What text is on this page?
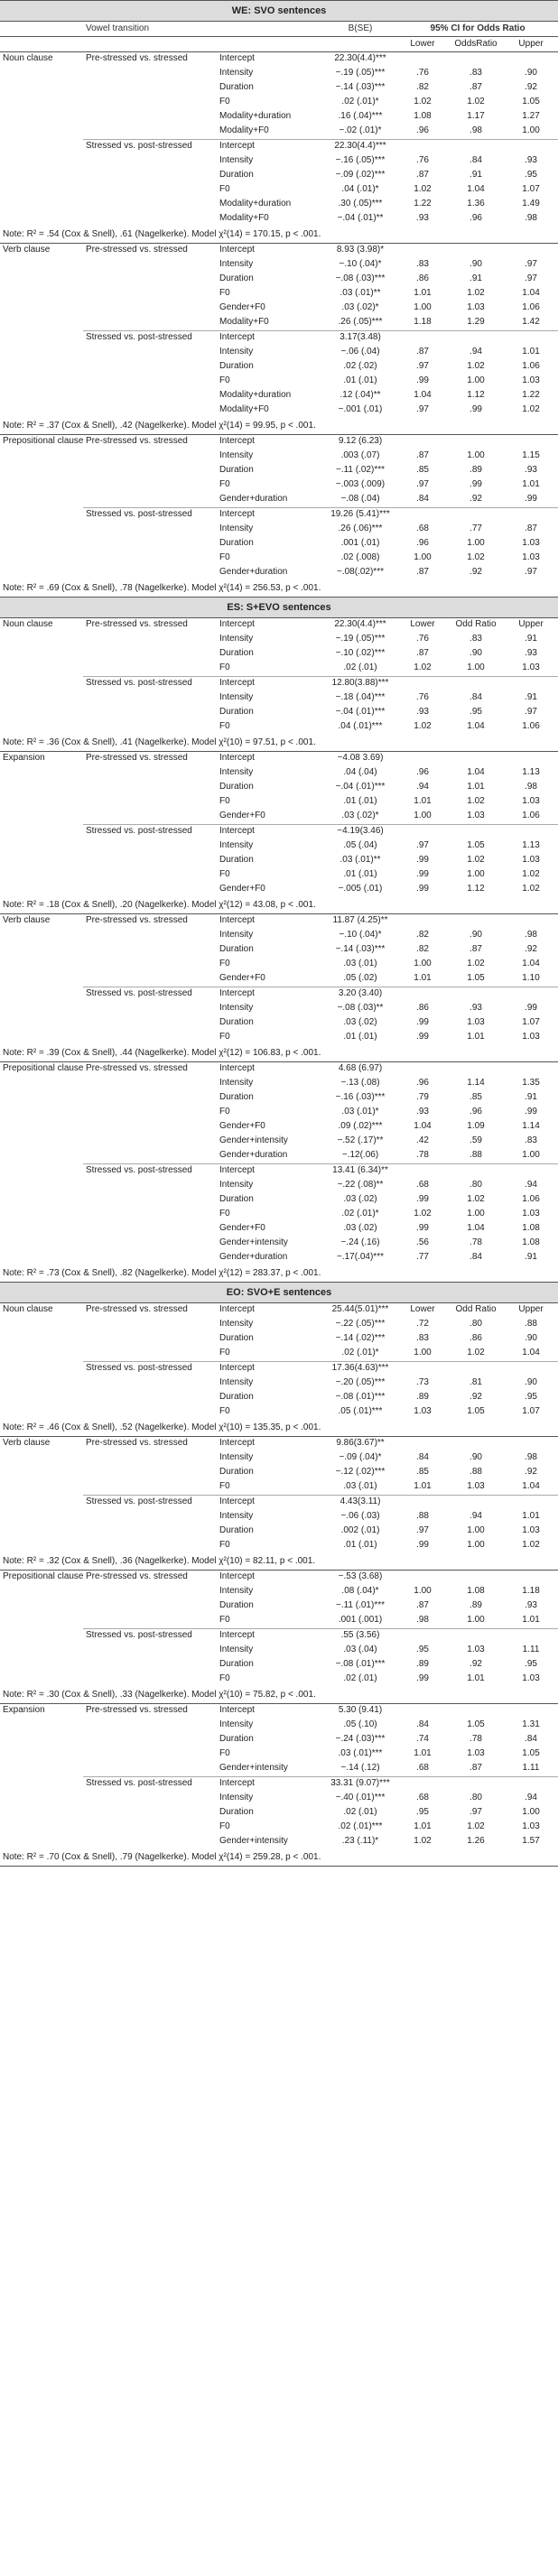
WE: SVO sentences						
	Vowel transition		B(SE)	95% CI for Odds Ratio		
				Lower	OddsRatio	Upper
Noun clause	Pre-stressed vs. stressed	Intercept	22.30(4.4)***			
		Intensity	−.19 (.05)***	.76	.83	.90
		Duration	−.14 (.03)***	.82	.87	.92
		F0	.02 (.01)*	1.02	1.02	1.05
		Modality+duration	.16 (.04)***	1.08	1.17	1.27
		Modality+F0	−.02 (.01)*	.96	.98	1.00
	Stressed vs. post-stressed	Intercept	22.30(4.4)***			
		Intensity	−.16 (.05)***	.76	.84	.93
		Duration	−.09 (.02)***	.87	.91	.95
		F0	.04 (.01)*	1.02	1.04	1.07
		Modality+duration	.30 (.05)***	1.22	1.36	1.49
		Modality+F0	−.04 (.01)**	.93	.96	.98
Note: R² = .54 (Cox & Snell), .61 (Nagelkerke). Model χ²(14) = 170.15, p < .001.						
Verb clause	Pre-stressed vs. stressed	Intercept	8.93 (3.98)*			
		Intensity	−.10 (.04)*	.83	.90	.97
		Duration	−.08 (.03)***	.86	.91	.97
		F0	.03 (.01)**	1.01	1.02	1.04
		Gender+F0	.03 (.02)*	1.00	1.03	1.06
		Modality+F0	.26 (.05)***	1.18	1.29	1.42
	Stressed vs. post-stressed	Intercept	3.17(3.48)			
		Intensity	−.06 (.04)	.87	.94	1.01
		Duration	.02 (.02)	.97	1.02	1.06
		F0	.01 (.01)	.99	1.00	1.03
		Modality+duration	.12 (.04)**	1.04	1.12	1.22
		Modality+F0	−.001 (.01)	.97	.99	1.02
Note: R² = .37 (Cox & Snell), .42 (Nagelkerke). Model χ²(14) = 99.95, p < .001.						
Prepositional clause	Pre-stressed vs. stressed	Intercept	9.12 (6.23)			
		Intensity	.003 (.07)	.87	1.00	1.15
		Duration	−.11 (.02)***	.85	.89	.93
		F0	−.003 (.009)	.97	.99	1.01
		Gender+duration	−.08 (.04)	.84	.92	.99
	Stressed vs. post-stressed	Intercept	19.26 (5.41)***			
		Intensity	.26 (.06)***	.68	.77	.87
		Duration	.001 (.01)	.96	1.00	1.03
		F0	.02 (.008)	1.00	1.02	1.03
		Gender+duration	−.08(.02)***	.87	.92	.97
Note: R² = .69 (Cox & Snell), .78 (Nagelkerke). Model χ²(14) = 256.53, p < .001.						
ES: S+EVO sentences						
Noun clause	Pre-stressed vs. stressed	Intercept	22.30(4.4)***	Lower	Odd Ratio	Upper
		Intensity	−.19 (.05)***	.76	.83	.91
		Duration	−.10 (.02)***	.87	.90	.93
		F0	.02 (.01)	1.02	1.00	1.03
	Stressed vs. post-stressed	Intercept	12.80(3.88)***			
		Intensity	−.18 (.04)***	.76	.84	.91
		Duration	−.04 (.01)***	.93	.95	.97
		F0	.04 (.01)***	1.02	1.04	1.06
Note: R² = .36 (Cox & Snell), .41 (Nagelkerke). Model χ²(10) = 97.51, p < .001.						
Expansion	Pre-stressed vs. stressed	Intercept	−4.08 3.69)			
		Intensity	.04 (.04)	.96	1.04	1.13
		Duration	−.04 (.01)***	.94	1.01	.98
		F0	.01 (.01)	1.01	1.02	1.03
		Gender+F0	.03 (.02)*	1.00	1.03	1.06
	Stressed vs. post-stressed	Intercept	−4.19(3.46)			
		Intensity	.05 (.04)	.97	1.05	1.13
		Duration	.03 (.01)**	.99	1.02	1.03
		F0	.01 (.01)	.99	1.00	1.02
		Gender+F0	−.005 (.01)	.99	1.12	1.02
Note: R² = .18 (Cox & Snell), .20 (Nagelkerke). Model χ²(12) = 43.08, p < .001.						
Verb clause	Pre-stressed vs. stressed	Intercept	11.87 (4.25)**			
		Intensity	−.10 (.04)*	.82	.90	.98
		Duration	−.14 (.03)***	.82	.87	.92
		F0	.03 (.01)	1.00	1.02	1.04
		Gender+F0	.05 (.02)	1.01	1.05	1.10
	Stressed vs. post-stressed	Intercept	3.20 (3.40)			
		Intensity	−.08 (.03)**	.86	.93	.99
		Duration	.03 (.02)	.99	1.03	1.07
		F0	.01 (.01)	.99	1.01	1.03
Note: R² = .39 (Cox & Snell), .44 (Nagelkerke). Model χ²(12) = 106.83, p < .001.						
Prepositional clause	Pre-stressed vs. stressed	Intercept	4.68 (6.97)			
		Intensity	−.13 (.08)	.96	1.14	1.35
		Duration	−.16 (.03)***	.79	.85	.91
		F0	.03 (.01)*	.93	.96	.99
		Gender+F0	.09 (.02)***	1.04	1.09	1.14
		Gender+intensity	−.52 (.17)**	.42	.59	.83
		Gender+duration	−.12(.06)	.78	.88	1.00
	Stressed vs. post-stressed	Intercept	13.41 (6.34)**			
		Intensity	−.22 (.08)**	.68	.80	.94
		Duration	.03 (.02)	.99	1.02	1.06
		F0	.02 (.01)*	1.02	1.00	1.03
		Gender+F0	.03 (.02)	.99	1.04	1.08
		Gender+intensity	−.24 (.16)	.56	.78	1.08
		Gender+duration	−.17(.04)***	.77	.84	.91
Note: R² = .73 (Cox & Snell), .82 (Nagelkerke). Model χ²(12) = 283.37, p < .001.						
EO: SVO+E sentences						
Noun clause	Pre-stressed vs. stressed	Intercept	25.44(5.01)***	Lower	Odd Ratio	Upper
		Intensity	−.22 (.05)***	.72	.80	.88
		Duration	−.14 (.02)***	.83	.86	.90
		F0	.02 (.01)*	1.00	1.02	1.04
	Stressed vs. post-stressed	Intercept	17.36(4.63)***			
		Intensity	−.20 (.05)***	.73	.81	.90
		Duration	−.08 (.01)***	.89	.92	.95
		F0	.05 (.01)***	1.03	1.05	1.07
Note: R² = .46 (Cox & Snell), .52 (Nagelkerke). Model χ²(10) = 135.35, p < .001.						
Verb clause	Pre-stressed vs. stressed	Intercept	9.86(3.67)**			
		Intensity	−.09 (.04)*	.84	.90	.98
		Duration	−.12 (.02)***	.85	.88	.92
		F0	.03 (.01)	1.01	1.03	1.04
	Stressed vs. post-stressed	Intercept	4.43(3.11)			
		Intensity	−.06 (.03)	.88	.94	1.01
		Duration	.002 (.01)	.97	1.00	1.03
		F0	.01 (.01)	.99	1.00	1.02
Note: R² = .32 (Cox & Snell), .36 (Nagelkerke). Model χ²(10) = 82.11, p < .001.						
Prepositional clause	Pre-stressed vs. stressed	Intercept	−.53 (3.68)			
		Intensity	.08 (.04)*	1.00	1.08	1.18
		Duration	−.11 (.01)***	.87	.89	.93
		F0	.001 (.001)	.98	1.00	1.01
	Stressed vs. post-stressed	Intercept	.55 (3.56)			
		Intensity	.03 (.04)	.95	1.03	1.11
		Duration	−.08 (.01)***	.89	.92	.95
		F0	.02 (.01)	.99	1.01	1.03
Note: R² = .30 (Cox & Snell), .33 (Nagelkerke). Model χ²(10) = 75.82, p < .001.						
Expansion	Pre-stressed vs. stressed	Intercept	5.30 (9.41)			
		Intensity	.05 (.10)	.84	1.05	1.31
		Duration	−.24 (.03)***	.74	.78	.84
		F0	.03 (.01)***	1.01	1.03	1.05
		Gender+intensity	−.14 (.12)	.68	.87	1.11
	Stressed vs. post-stressed	Intercept	33.31 (9.07)***			
		Intensity	−.40 (.01)***	.68	.80	.94
		Duration	.02 (.01)	.95	.97	1.00
		F0	.02 (.01)***	1.01	1.02	1.03
		Gender+intensity	.23 (.11)*	1.02	1.26	1.57
Note: R² = .70 (Cox & Snell), .79 (Nagelkerke). Model χ²(14) = 259.28, p < .001.						
